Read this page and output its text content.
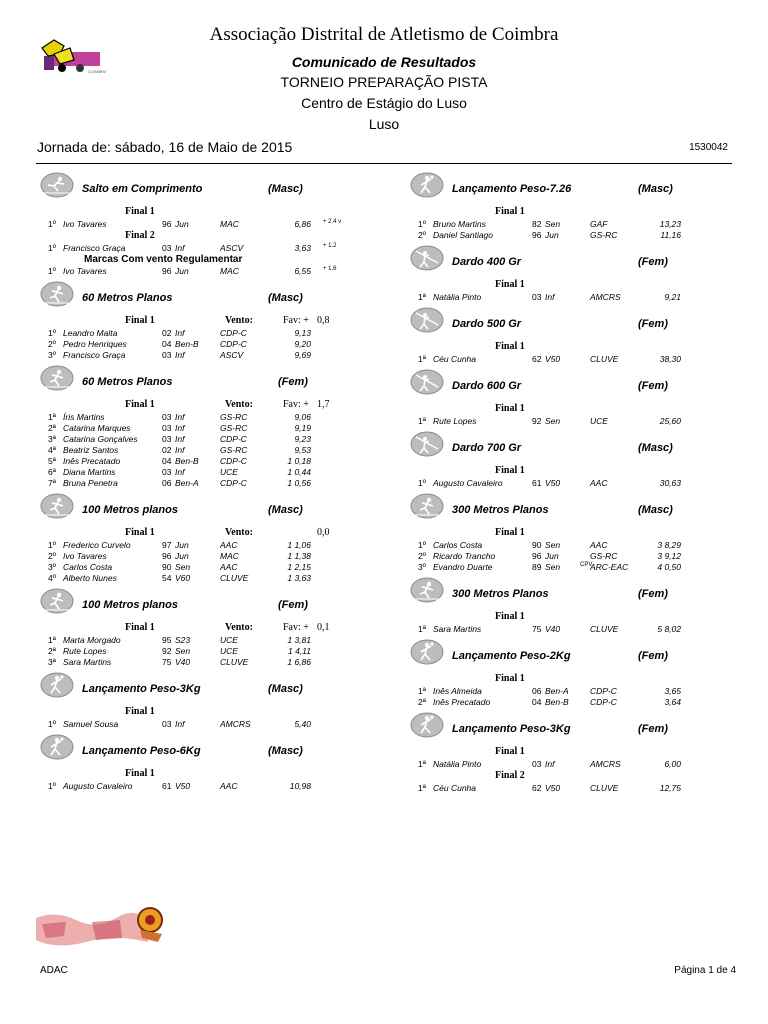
COIMBRA
Associação Distrital de Atletismo de Coimbra
Comunicado de Resultados
TORNEIO PREPARAÇÃO PISTA
Centro de Estágio do Luso
Luso
Jornada de: sábado, 16 de Maio de 2015	1530042
Salto em Comprimento	(Masc)
Final 1
1º Ivo Tavares	96 Jun	MAC	6,86 + 2.4 v
Final 2
1º Francisco Graça	03 Inf	ASCV	3,63 + 1.2
Marcas Com vento Regulamentar
1º Ivo Tavares	96 Jun	MAC	6,55 + 1.6
60 Metros Planos	(Masc)
Final 1	Vento:	Fav: + 0,8
1º Leandro Malta	02 Inf	CDP-C	9,13
2º Pedro Henriques	04 Ben-B	CDP-C	9,20
3º Francisco Graça	03 Inf	ASCV	9,69
60 Metros Planos	(Fem)
Final 1	Vento:	Fav: + 1,7
1ª Íris Martins	03 Inf	GS-RC	9,06
2ª Catarina Marques	03 Inf	GS-RC	9,19
3ª Catarina Gonçalves	03 Inf	CDP-C	9,23
4ª Beatriz Santos	02 Inf	GS-RC	9,53
5ª Inês Precatado	04 Ben-B	CDP-C	1 0,18
6ª Diana Martins	03 Inf	UCE	1 0,44
7ª Bruna Penetra	06 Ben-A	CDP-C	1 0,56
100 Metros planos	(Masc)
Final 1	Vento:	0,0
1º Frederico Curvelo	97 Jun	AAC	1 1,06
2º Ivo Tavares	96 Jun	MAC	1 1,38
3º Carlos Costa	90 Sen	AAC	1 2,15
4º Alberto Nunes	54 V60	CLUVE	1 3,63
100 Metros planos	(Fem)
Final 1	Vento:	Fav: + 0,1
1ª Marta Morgado	95 S23	UCE	1 3,81
2ª Rute Lopes	92 Sen	UCE	1 4,11
3ª Sara Martins	75 V40	CLUVE	1 6,86
Lançamento Peso-3Kg	(Masc)
Final 1
1º Samuel Sousa	03 Inf	AMCRS	5,40
Lançamento Peso-6Kg	(Masc)
Final 1
1º Augusto Cavaleiro	61 V50	AAC	10,98
Lançamento Peso-7.26	(Masc)
Final 1
1º Bruno Martins	82 Sen	GAF	13,23
2º Daniel Santiago	96 Jun	GS-RC	11,16
Dardo 400 Gr	(Fem)
Final 1
1ª Natália Pinto	03 Inf	AMCRS	9,21
Dardo 500 Gr	(Fem)
Final 1
1ª Céu Cunha	62 V50	CLUVE	38,30
Dardo 600 Gr	(Fem)
Final 1
1ª Rute Lopes	92 Sen	UCE	25,60
Dardo 700 Gr	(Masc)
Final 1
1º Augusto Cavaleiro	61 V50	AAC	30,63
300 Metros Planos	(Masc)
Final 1
1º Carlos Costa	90 Sen	AAC	3 8,29
2º Ricardo Trancho	96 Jun	GS-RC	3 9,12
3º Evandro Duarte	89 Sen	ARC-EAC	4 0,50
CPV
300 Metros Planos	(Fem)
Final 1
1ª Sara Martins	75 V40	CLUVE	5 8,02
Lançamento Peso-2Kg	(Fem)
Final 1
1ª Inês Almeida	06 Ben-A	CDP-C	3,65
2ª Inês Precatado	04 Ben-B	CDP-C	3,64
Lançamento Peso-3Kg	(Fem)
Final 1
1ª Natália Pinto	03 Inf	AMCRS	6,00
Final 2
1ª Céu Cunha	62 V50	CLUVE	12,75
ADAC	Página 1 de 4
